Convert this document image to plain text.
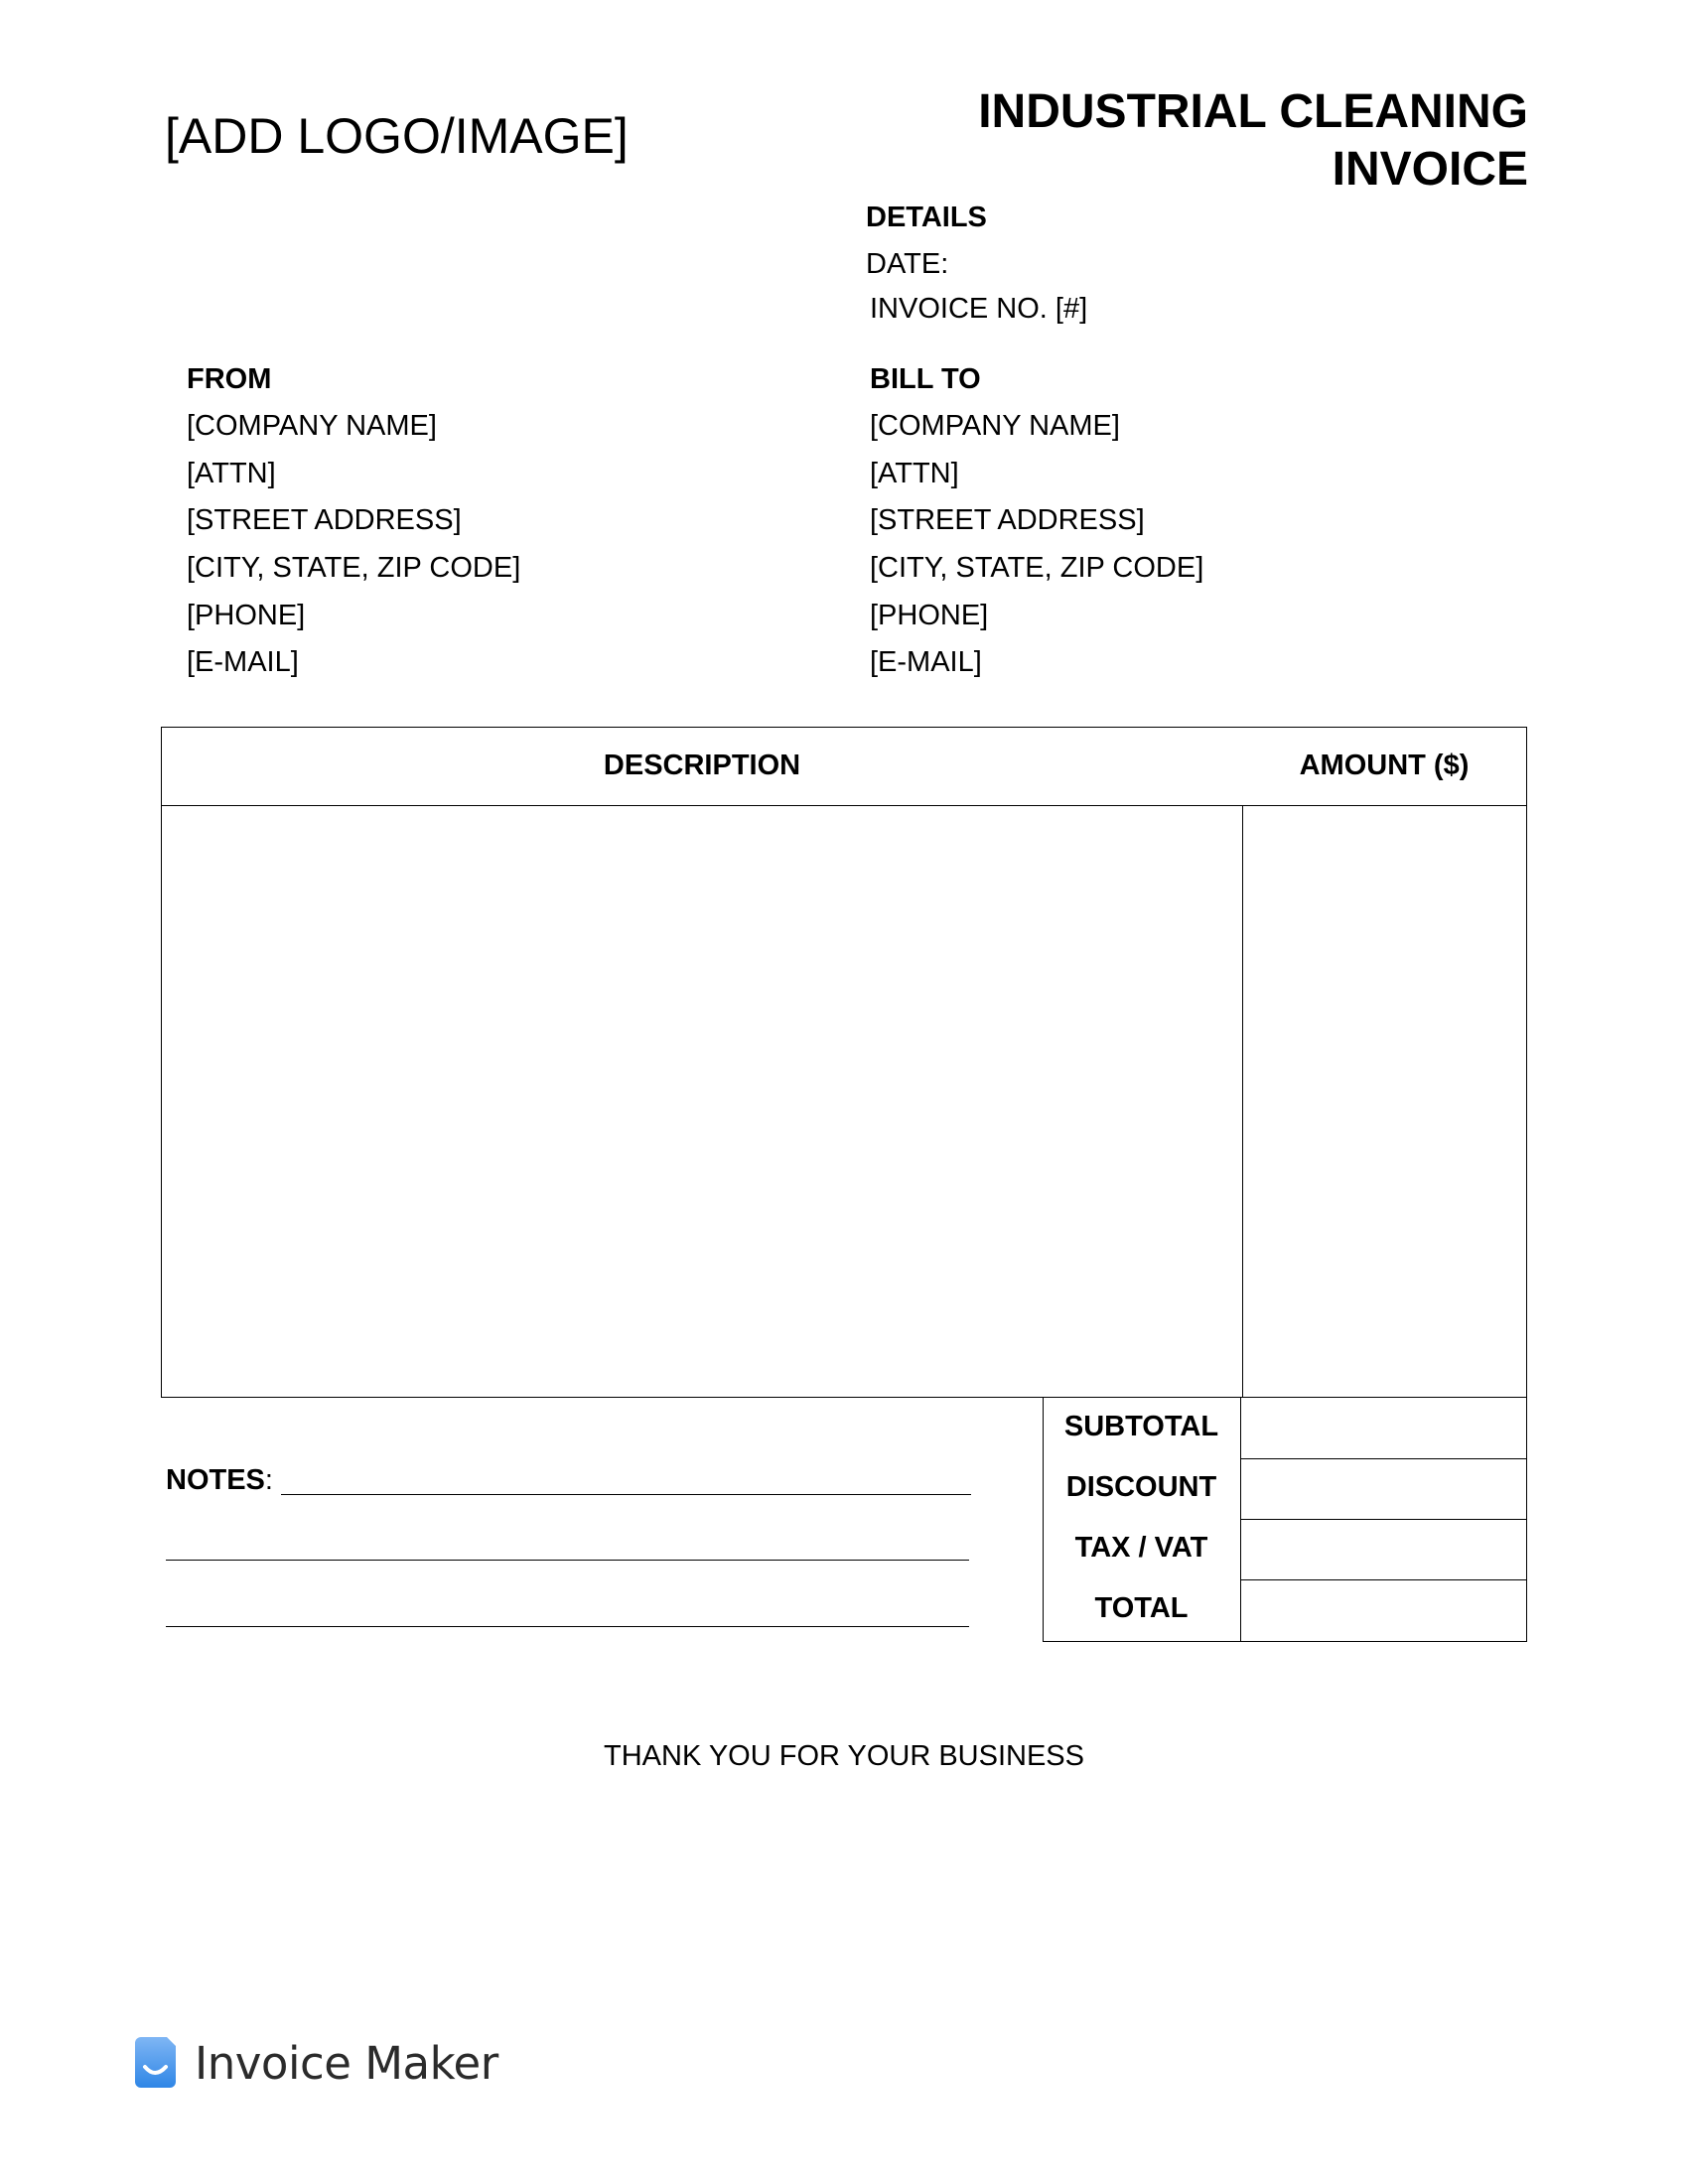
[ADD LOGO/IMAGE]	INDUSTRIAL CLEANING
INVOICE
DETAILS
DATE:
INVOICE NO. [#]
FROM
[COMPANY NAME]
[ATTN]
[STREET ADDRESS]
[CITY, STATE, ZIP CODE]
[PHONE]
[E-MAIL]
BILL TO
[COMPANY NAME]
[ATTN]
[STREET ADDRESS]
[CITY, STATE, ZIP CODE]
[PHONE]
[E-MAIL]
DESCRIPTION	AMOUNT ($)
SUBTOTAL
DISCOUNT
TAX / VAT
TOTAL
NOTES:
THANK YOU FOR YOUR BUSINESS
Invoice Maker
